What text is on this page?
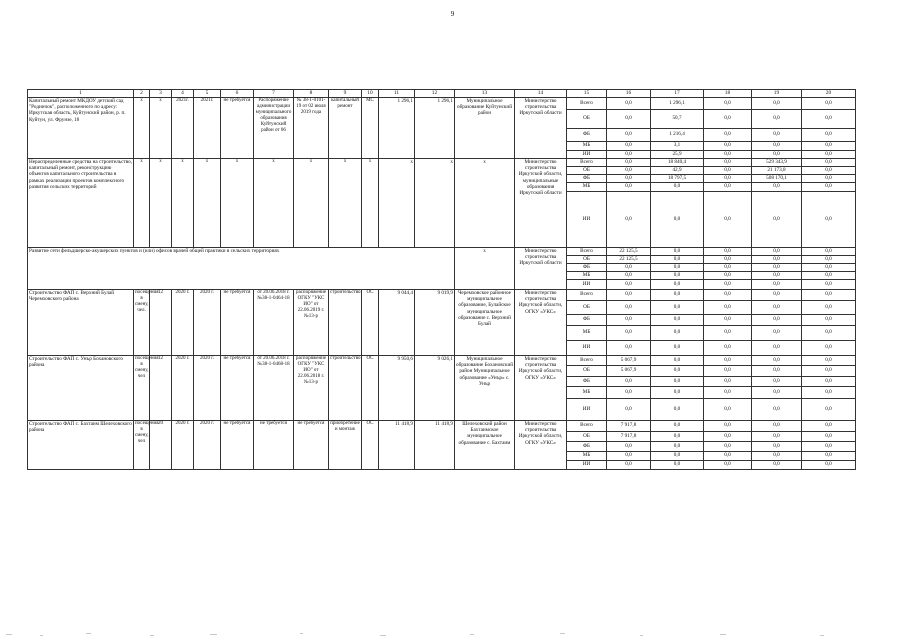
9
1	2	3	4	5	6	7	8	9	10	11	12	13	14	15	16	17	18	19	20
Капитальный ремонт МКДОУ детский сад "Родничок", расположенного по адресу: Иркутская область, Куйтунский район, р. п. Куйтун, ул. Фрунзе, 18	х	х	2021г.	2021г.	не требуется	Распоряжение администрации муниципального образования Куйтунский район от 06	№ 38-1-0101-19 от 02 июля 2019 года	капитальный ремонт	МС	1 296,1	1 296,1	Муниципальное образование Куйтунский район	Министерство строительства Иркутской области	Всего	0,0	1 296,1	0,0	0,0	0,0
														ОБ	0,0	50,7	0,0	0,0	0,0
														ФБ	0,0	1 216,4	0,0	0,0	0,0
														МБ	0,0	3,1	0,0	0,0	0,0
														ИИ	0,0	25,9	0,0	0,0	0,0
Нераспределенные средства на строительство, капитальный ремонт, реконструкцию объектов капитального строительства в рамках реализации проектов комплексного развития сельских территорий	х	х	х	х	х	х	х	х	х	х	х	х	Министерство строительства Иркутской области, муниципальные образования Иркутской области	Всего	0,0	18 840,4	0,0	529 343,9	0,0
														ОБ	0,0	42,9	0,0	21 173,8	0,0
														ФБ	0,0	18 797,5	0,0	508 170,1	0,0
														МБ	0,0	0,0	0,0	0,0	0,0
														ИИ	0,0	0,0	0,0	0,0	0,0
Развитие сети фельдшерско-акушерских пунктов и (или) офисов врачей общей практики в сельских территориях												х	Министерство строительства Иркутской области	Всего	22 125,5	0,0	0,0	0,0	0,0
														ОБ	22 125,5	0,0	0,0	0,0	0,0
														ФБ	0,0	0,0	0,0	0,0	0,0
														МБ	0,0	0,0	0,0	0,0	0,0
														ИИ	0,0	0,0	0,0	0,0	0,0
Строительство ФАП с. Верхний Булай Черемховского района	посещения в смену, чел.	12	2020 г.	2020 г.	не требуется	от 20.06.2018 г. №38-1-0464-18	распоряжение ОГКУ "УКС ИО" от 22.06.2019 г. №13-р	строительство	ОС	9 044,4	9 019,9	Черемховское районное муниципальное образование, Булайское муниципальное образование с. Верхний Булай	Министерство строительства Иркутской области, ОГКУ «УКС»	Всего	0,0	0,0	0,0	0,0	0,0
														ОБ	0,0	0,0	0,0	0,0	0,0
														ФБ	0,0	0,0	0,0	0,0	0,0
														МБ	0,0	0,0	0,0	0,0	0,0
														ИИ	0,0	0,0	0,0	0,0	0,0
Строительство ФАП с. Унър Бохановского района	посещения в смену, чел	12	2020 г.	2020 г.	не требуется	от 20.06.2018 г. №38-1-0468-18	распоряжение ОГКУ "УКС ИО" от 22.06.2018 г. №13-р	строительство	ОС	9 950,6	9 026,1	Муниципальное образование Бохановский район Муниципальное образование «Унър» с. Унър	Министерство строительства Иркутской области, ОГКУ «УКС»	Всего	5 067,9	0,0	0,0	0,0	0,0
														ОБ	5 067,9	0,0	0,0	0,0	0,0
														ФБ	0,0	0,0	0,0	0,0	0,0
														МБ	0,0	0,0	0,0	0,0	0,0
														ИИ	0,0	0,0	0,0	0,0	0,0
Строительство ФАП с. Бахтаим Шелеховского района	посещения в смену, чел	20	2020 г.	2020 г.	не требуется	не требуется	не требуется	приобретение и монтаж	ОС	11 418,9	11 418,9	Шелеховский район Бахтаимское муниципальное образование с. Бахтаим	Министерство строительства Иркутской области, ОГКУ «УКС»	Всего	7 917,8	0,0	0,0	0,0	0,0
														ОБ	7 917,8	0,0	0,0	0,0	0,0
														ФБ	0,0	0,0	0,0	0,0	0,0
														МБ	0,0	0,0	0,0	0,0	0,0
														ИИ	0,0	0,0	0,0	0,0	0,0
